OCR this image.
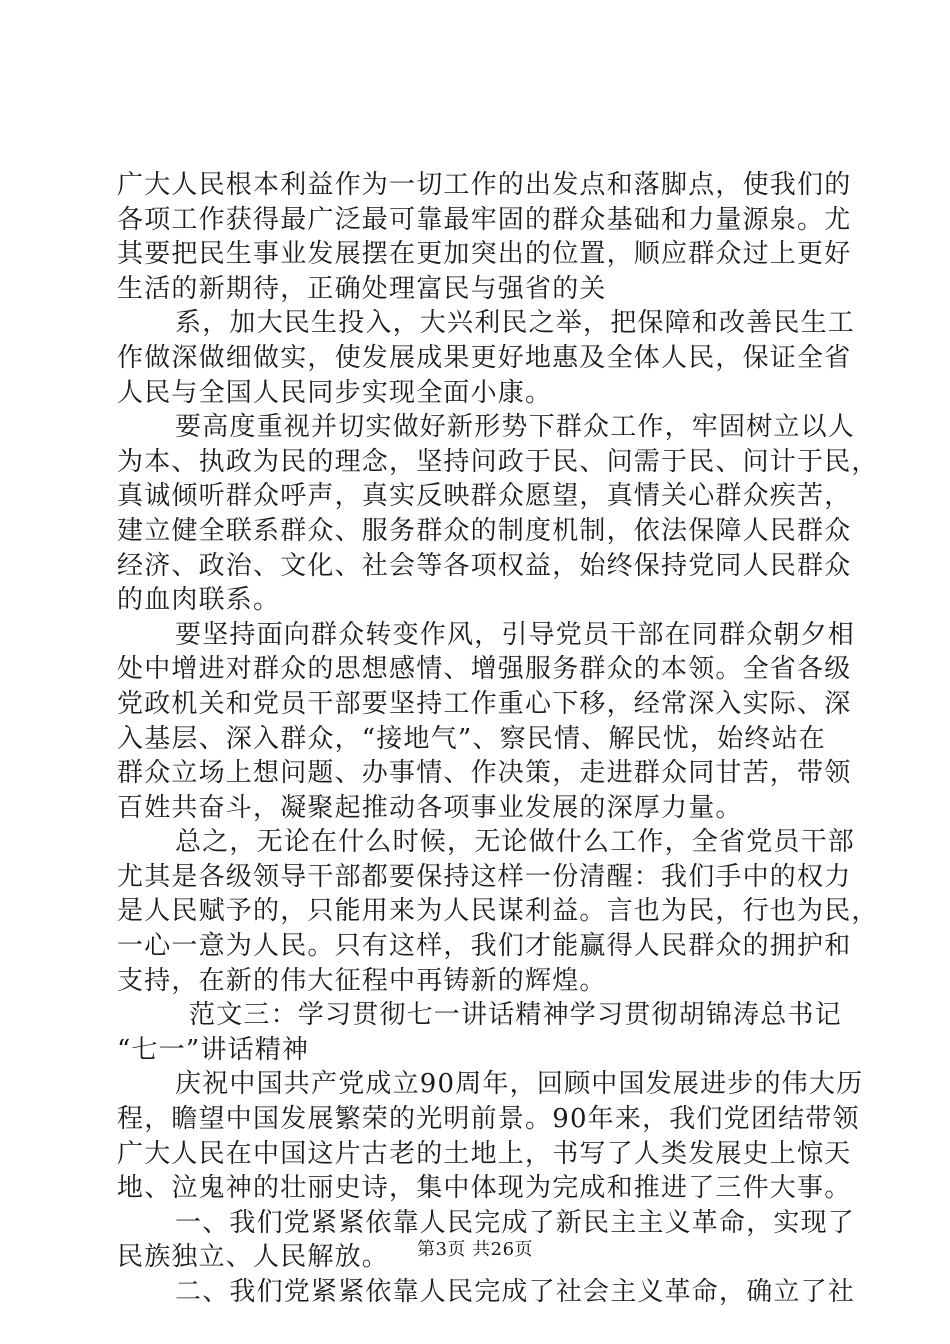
广大人民根本利益作为一切工作的出发点和落脚点，使我们的
各项工作获得最广泛最可靠最牢固的群众基础和力量源泉。尤
其要把民生事业发展摆在更加突出的位置，顺应群众过上更好
生活的新期待，正确处理富民与强省的关
系，加大民生投入，大兴利民之举，把保障和改善民生工
作做深做细做实，使发展成果更好地惠及全体人民，保证全省
人民与全国人民同步实现全面小康。
要高度重视并切实做好新形势下群众工作，牢固树立以人
为本、执政为民的理念，坚持问政于民、问需于民、问计于民，
真诚倾听群众呼声，真实反映群众愿望，真情关心群众疾苦，
建立健全联系群众、服务群众的制度机制，依法保障人民群众
经济、政治、文化、社会等各项权益，始终保持党同人民群众
的血肉联系。
要坚持面向群众转变作风，引导党员干部在同群众朝夕相
处中增进对群众的思想感情、增强服务群众的本领。全省各级
党政机关和党员干部要坚持工作重心下移，经常深入实际、深
入基层、深入群众，“接地气”、察民情、解民忧，始终站在
群众立场上想问题、办事情、作决策，走进群众同甘苦，带领
百姓共奋斗，凝聚起推动各项事业发展的深厚力量。
总之，无论在什么时候，无论做什么工作，全省党员干部
尤其是各级领导干部都要保持这样一份清醒：我们手中的权力
是人民赋予的，只能用来为人民谋利益。言也为民，行也为民，
一心一意为人民。只有这样，我们才能赢得人民群众的拥护和
支持，在新的伟大征程中再铸新的辉煌。
范文三：学习贯彻七一讲话精神学习贯彻胡锦涛总书记
“七一”讲话精神
庆祝中国共产党成立90周年，回顾中国发展进步的伟大历
程，瞻望中国发展繁荣的光明前景。90年来，我们党团结带领
广大人民在中国这片古老的土地上，书写了人类发展史上惊天
地、泣鬼神的壮丽史诗，集中体现为完成和推进了三件大事。
一、我们党紧紧依靠人民完成了新民主主义革命，实现了
民族独立、人民解放。
二、我们党紧紧依靠人民完成了社会主义革命，确立了社
第3页 共26页
